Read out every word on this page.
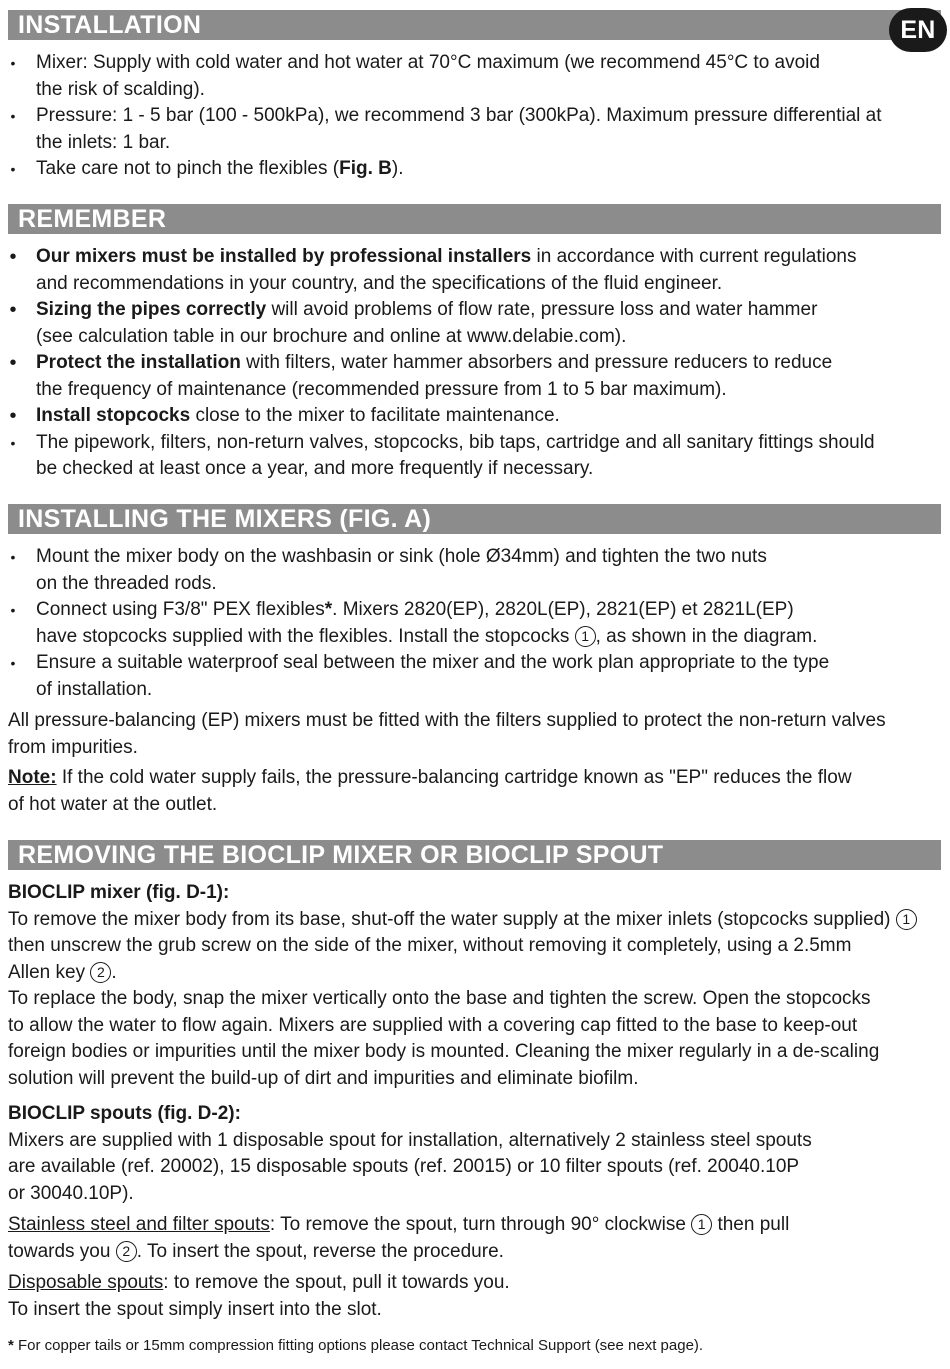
INSTALLATION	EN
• Mixer: Supply with cold water and hot water at 70°C maximum (we recommend 45°C to avoid
the risk of scalding).
• Pressure: 1 - 5 bar (100 - 500kPa), we recommend 3 bar (300kPa). Maximum pressure differential at
the inlets: 1 bar.
• Take care not to pinch the flexibles (Fig. B).
REMEMBER
• Our mixers must be installed by professional installers in accordance with current regulations
and recommendations in your country, and the specifications of the fluid engineer.
• Sizing the pipes correctly will avoid problems of flow rate, pressure loss and water hammer
(see calculation table in our brochure and online at www.delabie.com).
• Protect the installation with filters, water hammer absorbers and pressure reducers to reduce
the frequency of maintenance (recommended pressure from 1 to 5 bar maximum).
• Install stopcocks close to the mixer to facilitate maintenance.
• The pipework, filters, non-return valves, stopcocks, bib taps, cartridge and all sanitary fittings should
be checked at least once a year, and more frequently if necessary.
INSTALLING THE MIXERS (FIG. A)
• Mount the mixer body on the washbasin or sink (hole Ø34mm) and tighten the two nuts
on the threaded rods.
• Connect using F3/8" PEX flexibles*. Mixers 2820(EP), 2820L(EP), 2821(EP) et 2821L(EP)
have stopcocks supplied with the flexibles. Install the stopcocks 1 , as shown in the diagram.
• Ensure a suitable waterproof seal between the mixer and the work plan appropriate to the type
of installation.
All pressure-balancing (EP) mixers must be fitted with the filters supplied to protect the non-return valves
from impurities.
Note: If the cold water supply fails, the pressure-balancing cartridge known as "EP" reduces the flow
of hot water at the outlet.
REMOVING THE BIOCLIP MIXER OR BIOCLIP SPOUT
BIOCLIP mixer (fig. D-1):
To remove the mixer body from its base, shut-off the water supply at the mixer inlets (stopcocks supplied) 1
then unscrew the grub screw on the side of the mixer, without removing it completely, using a 2.5mm
Allen key 2 .
To replace the body, snap the mixer vertically onto the base and tighten the screw. Open the stopcocks
to allow the water to flow again. Mixers are supplied with a covering cap fitted to the base to keep-out
foreign bodies or impurities until the mixer body is mounted. Cleaning the mixer regularly in a de-scaling
solution will prevent the build-up of dirt and impurities and eliminate biofilm.
BIOCLIP spouts (fig. D-2):
Mixers are supplied with 1 disposable spout for installation, alternatively 2 stainless steel spouts
are available (ref. 20002), 15 disposable spouts (ref. 20015) or 10 filter spouts (ref. 20040.10P
or 30040.10P).
Stainless steel and filter spouts: To remove the spout, turn through 90° clockwise 1 then pull
towards you 2 . To insert the spout, reverse the procedure.
Disposable spouts: to remove the spout, pull it towards you.
To insert the spout simply insert into the slot.
* For copper tails or 15mm compression fitting options please contact Technical Support (see next page).
